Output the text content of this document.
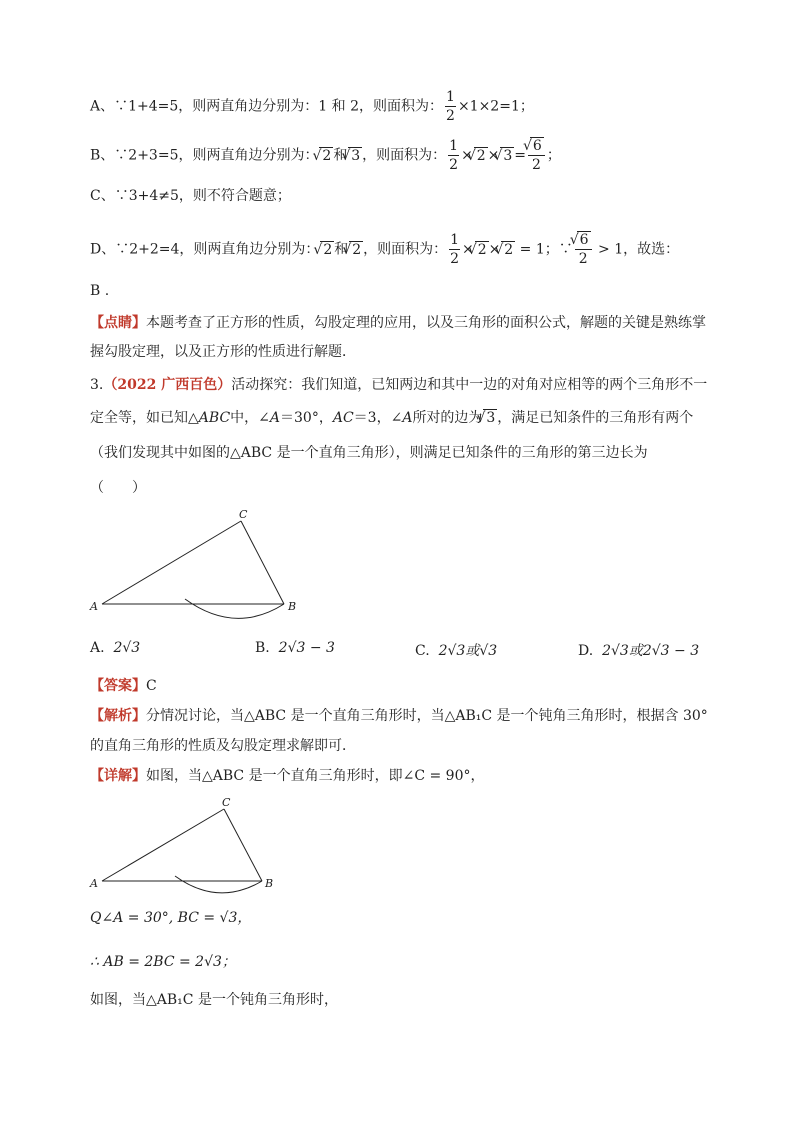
A、∵1+4=5，则两直角边分别为：1 和 2，则面积为： $\frac{1}{2} \times 1\times 2=1$；
B、∵2+3=5，则两直角边分别为： √ 2 和 √ 3 ，则面积为： $\frac{1}{2}$ × √ 2 × √ 3 = √ $\frac{6}{2}$ ；
C、∵3+4≠5，则不符合题意；
D、∵2+2=4，则两直角边分别为： √ 2 和 √ 2 ，则面积为： $\frac{1}{2}$ × √ 2 × √ 2 = 1；∵ √ $\frac{6}{2} > 1$，故选：
B .
【点睛】本题考查了正方形的性质，勾股定理的应用，以及三角形的面积公式，解题的关键是熟练掌
握勾股定理，以及正方形的性质进行解题．
3.（2022 广西百色）活动探究：我们知道，已知两边和其中一边的对角对应相等的两个三角形不一
定全等，如已知△ABC中，∠A＝30°，AC＝3，∠A所对的边为 √ 3 ，满足已知条件的三角形有两个
（我们发现其中如图的△ABC 是一个直角三角形），则满足已知条件的三角形的第三边长为
（　　）
A
C
B
A. 2√3	B. 2√3 − 3	C. 2√3或√3	D. 2√3或2√3 − 3
【答案】C
【解析】分情况讨论，当△ABC 是一个直角三角形时，当△AB₁C 是一个钝角三角形时，根据含 30°
的直角三角形的性质及勾股定理求解即可．
【详解】如图，当△ABC 是一个直角三角形时，即∠C = 90°，
A
C
B
Q∠A = 30°, BC = √3，
∴ AB = 2BC = 2√3；
如图，当△AB₁C 是一个钝角三角形时，
